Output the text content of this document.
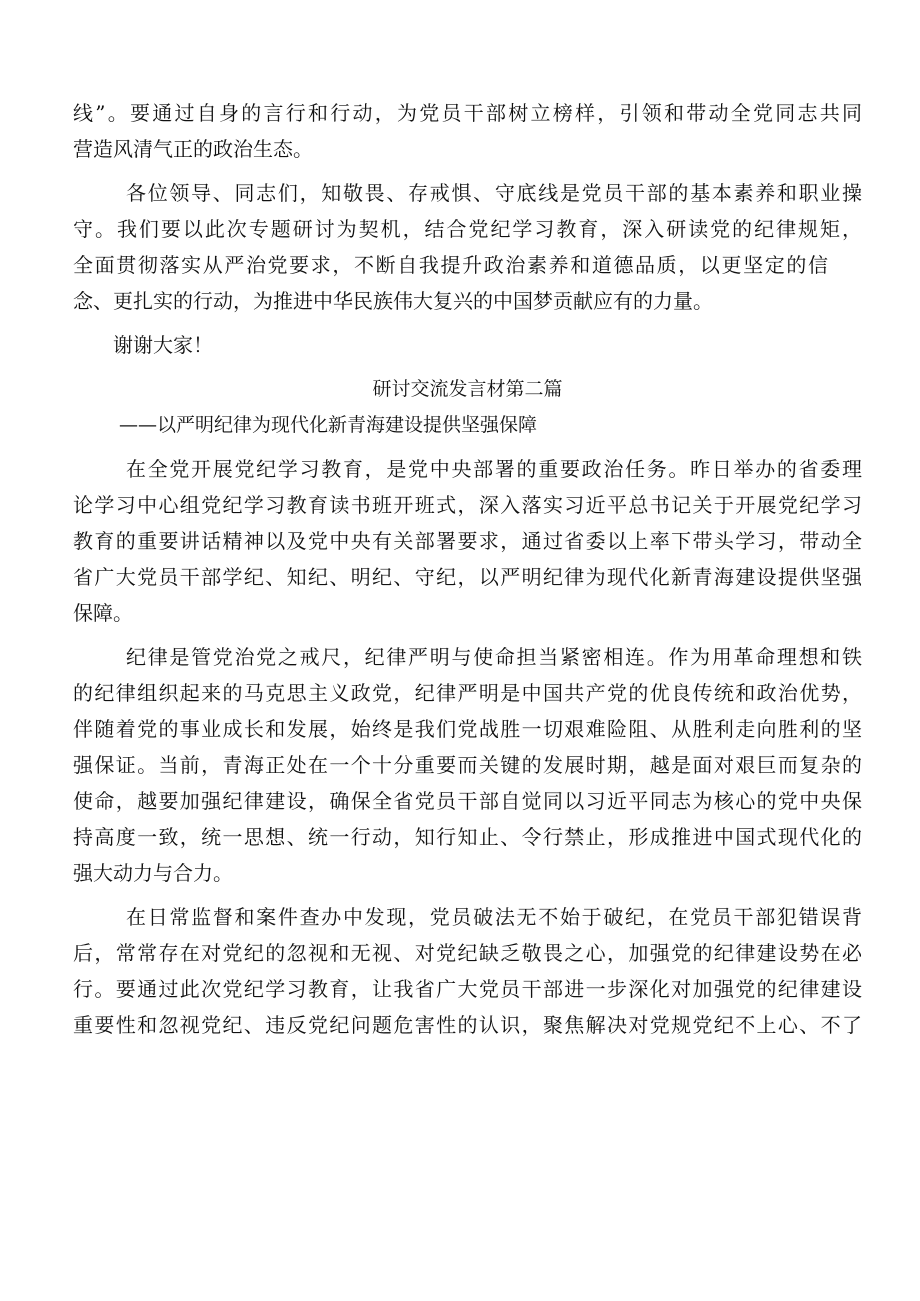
线”。要通过自身的言行和行动，为党员干部树立榜样，引领和带动全党同志共同
营造风清气正的政治生态。
各位领导、同志们，知敬畏、存戒惧、守底线是党员干部的基本素养和职业操
守。我们要以此次专题研讨为契机，结合党纪学习教育，深入研读党的纪律规矩，
全面贯彻落实从严治党要求，不断自我提升政治素养和道德品质，以更坚定的信
念、更扎实的行动，为推进中华民族伟大复兴的中国梦贡献应有的力量。
谢谢大家！
研讨交流发言材第二篇
——以严明纪律为现代化新青海建设提供坚强保障
在全党开展党纪学习教育，是党中央部署的重要政治任务。昨日举办的省委理
论学习中心组党纪学习教育读书班开班式，深入落实习近平总书记关于开展党纪学习
教育的重要讲话精神以及党中央有关部署要求，通过省委以上率下带头学习，带动全
省广大党员干部学纪、知纪、明纪、守纪，以严明纪律为现代化新青海建设提供坚强
保障。
纪律是管党治党之戒尺，纪律严明与使命担当紧密相连。作为用革命理想和铁
的纪律组织起来的马克思主义政党，纪律严明是中国共产党的优良传统和政治优势，
伴随着党的事业成长和发展，始终是我们党战胜一切艰难险阻、从胜利走向胜利的坚
强保证。当前，青海正处在一个十分重要而关键的发展时期，越是面对艰巨而复杂的
使命，越要加强纪律建设，确保全省党员干部自觉同以习近平同志为核心的党中央保
持高度一致，统一思想、统一行动，知行知止、令行禁止，形成推进中国式现代化的
强大动力与合力。
在日常监督和案件查办中发现，党员破法无不始于破纪，在党员干部犯错误背
后，常常存在对党纪的忽视和无视、对党纪缺乏敬畏之心，加强党的纪律建设势在必
行。要通过此次党纪学习教育，让我省广大党员干部进一步深化对加强党的纪律建设
重要性和忽视党纪、违反党纪问题危害性的认识，聚焦解决对党规党纪不上心、不了
